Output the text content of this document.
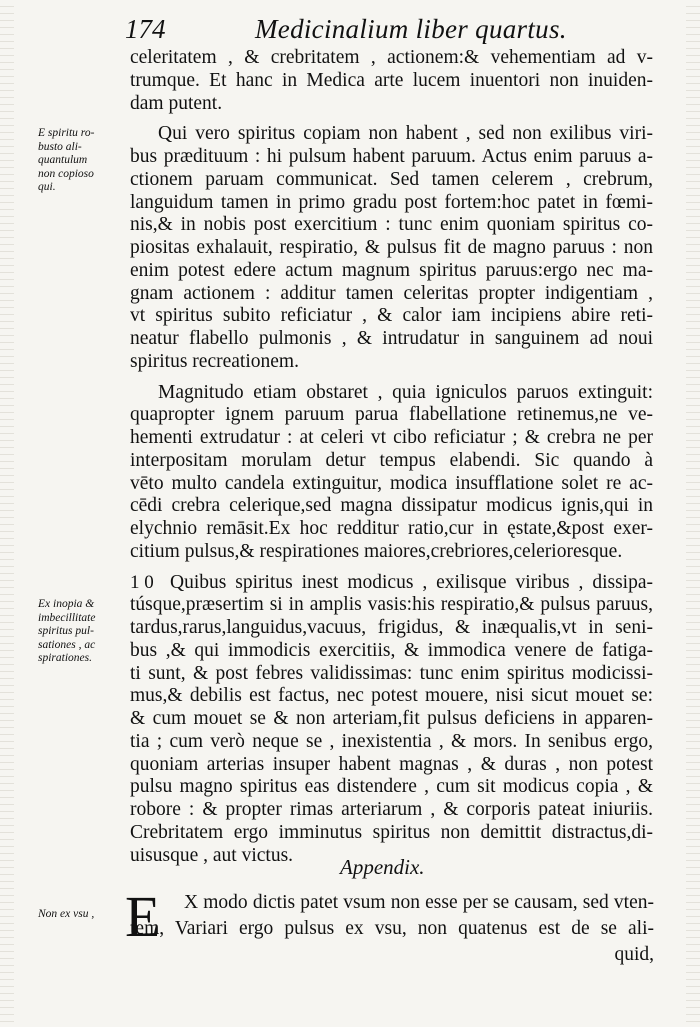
174	Medicinalium liber quartus.
celeritatem , & crebritatem , actionem:& vehementiam ad v-
trumque. Et hanc in Medica arte lucem inuentori non inuiden-
dam putent.
Qui vero spiritus copiam non habent , sed non exilibus viri-
bus prædituum : hi pulsum habent paruum. Actus enim paruus a-
ctionem paruam communicat. Sed tamen celerem , crebrum,
languidum tamen in primo gradu post fortem:hoc patet in fœmi-
nis,& in nobis post exercitium : tunc enim quoniam spiritus co-
piositas exhalauit, respiratio, & pulsus fit de magno paruus : non
enim potest edere actum magnum spiritus paruus:ergo nec ma-
gnam actionem : additur tamen celeritas propter indigentiam ,
vt spiritus subito reficiatur , & calor iam incipiens abire reti-
neatur flabello pulmonis , & intrudatur in sanguinem ad noui
spiritus recreationem.
Magnitudo etiam obstaret , quia igniculos paruos extinguit:
quapropter ignem paruum parua flabellatione retinemus,ne ve-
hementi extrudatur : at celeri vt cibo reficiatur ; & crebra ne per
interpositam morulam detur tempus elabendi. Sic quando à
vēto multo candela extinguitur, modica insufflatione solet re ac-
cēdi crebra celerique,sed magna dissipatur modicus ignis,qui in
elychnio remāsit.Ex hoc redditur ratio,cur in ęstate,&post exer-
citium pulsus,& respirationes maiores,crebriores,celerioresque.
Quibus spiritus inest modicus , exilisque viribus , dissipa-
túsque,præsertim si in amplis vasis:his respiratio,& pulsus paruus,
tardus,rarus,languidus,vacuus, frigidus, & inæqualis,vt in seni-
bus ,& qui immodicis exercitiis, & immodica venere de fatiga-
ti sunt, & post febres validissimas: tunc enim spiritus modicissi-
mus,& debilis est factus, nec potest mouere, nisi sicut mouet se:
& cum mouet se & non arteriam,fit pulsus deficiens in apparen-
tia ; cum verò neque se , inexistentia , & mors. In senibus ergo,
quoniam arterias insuper habent magnas , & duras , non potest
pulsu magno spiritus eas distendere , cum sit modicus copia , &
robore : & propter rimas arteriarum , & corporis pateat iniuriis.
Crebritatem ergo imminutus spiritus non demittit distractus,di-
uisusque , aut victus.
1 0
E spiritu ro-
busto ali-
quantulum
non copioso
qui.
Ex inopia &
imbecillitate
spiritus pul-
sationes , ac
spirationes.
Non ex vsu ,
Appendix.
E X modo dictis patet vsum non esse per se causam, sed vten-
tem, Variari ergo pulsus ex vsu, non quatenus est de se ali-
quid,
